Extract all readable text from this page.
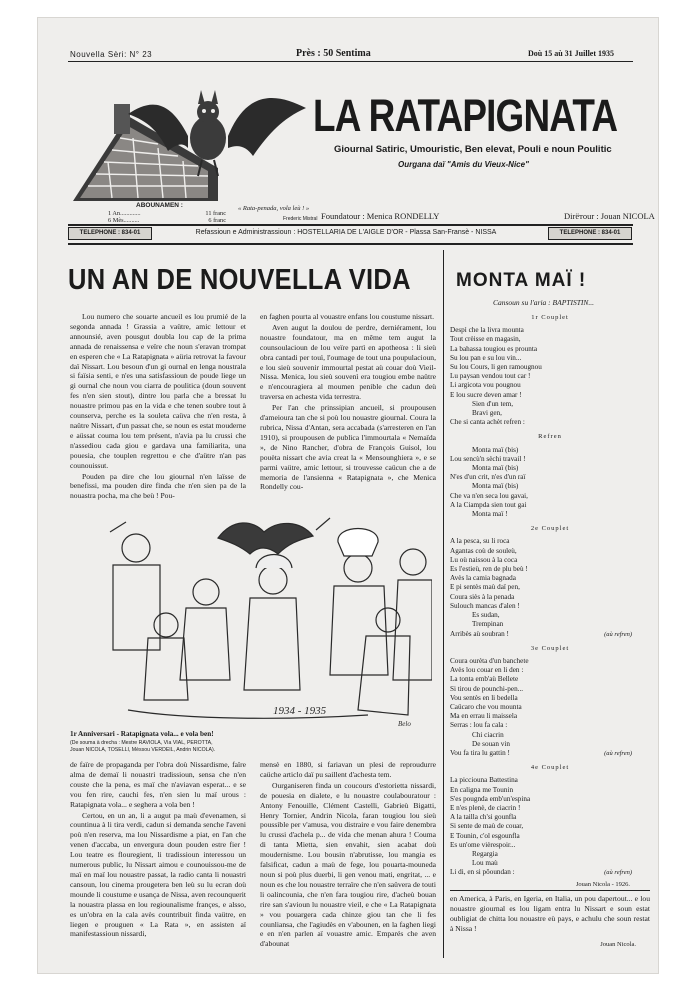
Nouvella Sèri: N° 23	Près : 50 Sentima	Doù 15 aù 31 Juillet 1935
LA RATAPIGNATA
Giournal Satiric, Umouristic, Ben elevat, Pouli e noun Poulitic
Ourgana daï "Amis du Vieux-Nice"
ABOUNAMEN :
1 An.............	11 franc
6 Mès..........	6 franc
« Rata-penada, vola leù ! »
Frederic Mistral Foundatour : Menica RONDELLY	Dirётour : Jouan NICOLA
TELEPHONE : 834-01	Refassioun e Administrassioun : HOSTELLARIA DE L'AIGLE D'OR - Plassa San-Fransè - NISSA	TELEPHONE : 834-01
UN AN DE NOUVELLA VIDA

Lou numero che souarte ancueil es lou prumié de la segonda annada ! Grassia a vaütre, amic lettour et announsié, aven pousgut doubla lou cap de la prima annada de renaissensa e veïre che noun s'eravan trompat en esperen che « La Ratapignata » aüria retrovat la favour daï Nissart. Lou besoun d'un gi ournal en lenga noustrala si faïsia senti, e n'es una satisfassioun de poude liege un gi ournal che noun vou ciarra de poulitica (doun souvent fes n'en sien stout), dintre lou parla che a bressat lu nouastre primou pas en la vida e che tenen soubre tout à counserva, perche es la souleta caüva che n'en resta, à naütre Nissart, d'un passat che, se noun es estat mouderne e aüssat couma lou tem présent, n'avia pa lu crussi che n'assediou cada giou e gardava una familiarita, una pouesia, che touplen regrettou e che d'aütre n'an pas counouissut.

Pouden pa dire che lou giournal n'en laïsse de benefissi, ma pouden dire finda che n'en sien pa de la nouastra pocha, ma che beù ! Pou-

en faghen pourta al vouastre enfans lou coustume nissart.

Aven augut la doulou de perdre, derniérament, lou nouastre foundatour, ma en même tem augut la counsoulacioun de lou veïre partì en apotheosa : li sieù obra cantadi per touì, l'oumage de tout una poupulacioun, e lou sieù souvenir immourtal pestat aù couar doù Vieil-Nissa. Menica, lou sieù souvenì era tougiou embe naütre e n'encouragiera al moumen penible che cadun deù traversa en achesta vida terrestra.

Per l'an che prinssipian ancueil, si proupousen d'ameioura tan che si poù lou nouastre giournal. Coura la rubrica, Nissa d'Antan, sera accabada (s'arresteren en l'an 1910), si proupousen de publica l'immourtala « Nemaïda », de Nino Rancher, d'obra de François Guisol, lou pouèta nissart che avia creat la « Mensounghiera », e se parmi vaütre, amic lettour, si trouvesse caücun che a de memoria de l'ansienna « Ratapignata », che Menica Rondelly cou-

1934 - 1935
Belo
1r Anniversari - Ratapignata vola... e vola ben!
(De souma à drecha : Mestre RAVIOLA, Vìa VIAL, PEROTTA,
Jouan NICOLA, TOSELLI, Mèssou VERDEIL, Andrin NICOLA).

de faïre de propaganda per l'obra doù Nissardisme, faïre alma de demaï li nouastri tradissioun, sensa che n'en couste che la pena, es maï che n'aviavan esperat... e se vou fen rire, cauchi fes, n'en sien lu maï urous : Ratapignata vola... e seghera a vola ben !

Certou, en un an, li a augut pa maù d'evenamen, si countinua à li tira verdi, cadun si demanda senche l'aveni poù n'en reserva, ma lou Nissardisme a piat, en l'an che venen d'accaba, un envergura doun pouden estre fier ! Lou teatre es flouregient, li tradissioun interessou un numerous public, lu Nissart aimou e counouissou-me de maï en maï lou nouastre passat, la radio canta li nouastri cansoun, lou cinema prougetera ben leù su lu ecran doù mounde li coustume e usança de Nissa, aven recounquerit la nouastra plassa en lou regiounalisme françes, e alsso, es un'obra en la cala avès countribuit finda vaütre, en liegen e prouguen « La Rata », en assisten aï manifestassioun nissardi,

mensè en 1880, si fariavan un plesi de reproudurre caüche articlo daï pu saillent d'achesta tem.

Ourganiseren finda un coucours d'estorietta nissardi, de pouesia en dialete, e lu nouastre coulabouratour : Antony Fenouille, Clément Castelli, Gabrieù Bigatti, Henry Tornier, Andrin Nicola, faran tougiou lou sieù poussible per v'amusa, vou distraire e vou faire denembra lu crussi d'achela p... de vida che menan ahura ! Couma di tanta Mietta, sien envahit, sien acabat doù moudernisme. Lou bousin n'abrutisse, lou mangia es falsificat, cadun a maù de fege, lou pouarta-mouneda noun si poù plus duerbi, li gen venou mati, engritat, ... e noun es che lou nouastre terraïre che n'en saüvera de touti li oalincounia, che n'en fara tougiou rire, d'acheù bouan rire san s'avioun lu nouastre vieil, e che « La Ratapignata » vou pouargera cada chinze giou tan che li fes counliansa, che l'agiudès en v'abounen, en la faghen liegi e en n'en parlen aï vouastre amic. Emparés che aven d'abounat

MONTA MAÏ !
Cansoun su l'aria : BAPTISTIN...
1r Couplet
Despì che la livra mounta
Tout crèisse en magasin,
La bahassa tougiou es prounta
Su lou pan e su lou vin...
Su lou Cours, li gen ramougnou
Lu paysan vendou tout car !
Li argicota vou pougnou
E lou sucre deven amar !
Sien d'un tem,
Bravi gen,
Che si canta achèt refren :
Refren
Monta maï (bis)
Lou sencù'n sèchi travail !
Monta maï (bis)
N'es d'un crit, n'es d'un raï
Monta maï (bis)
Che va n'en seca lou gavai,
A la Ciampda sien tout gai
Monta maï !
2e Couplet
A la pesca, su li roca
Agantas coù de souleù,
Lu où naissou à la coca
Es l'estieù, ren de plu beù !
Avès la camia bagnada
E pi sentès maù daï pen,
Coura siès à la penada
Sulouch mancas d'alen !
Es sudan,
Trempinan
Arribès aù soubran !	(aù refren)
3e Couplet
Coura ourèta d'un banchete
Avès lou couar en li den :
La tonta emb'aù Bellete
Si tirou de pounchi-pen...
Vou sentès en li bedella
Caücaro che vou mounta
Ma en errau li maissela
Serras : lou fa cala :
Chi ciacrin
De souan vin
Vou fa tira lu gattin !	(aù refren)
4e Couplet
La picciouna Battestina
En caligna me Tounin
S'es pougnda emb'un'espina
E n'es plenè, de ciacrin !
A la tailla ch'si gounfla
Si sente de maù de couar,
E Tounin, c'ol esgounfla
Es un'ome vièrespoir...
Regargia
Lou maù
Li di, en si pôoundan :	(aù refren)
Jouan Nicola - 1926.

en America, à Paris, en Igeria, en Italia, un pou dapertout... e lou nouastre giournal es lou ligam entra lu Nissart e soun estat oubligiat de chitta lou nouastre eù pays, e achulu che soun restat à Nissa !

Jouan Nicola.
